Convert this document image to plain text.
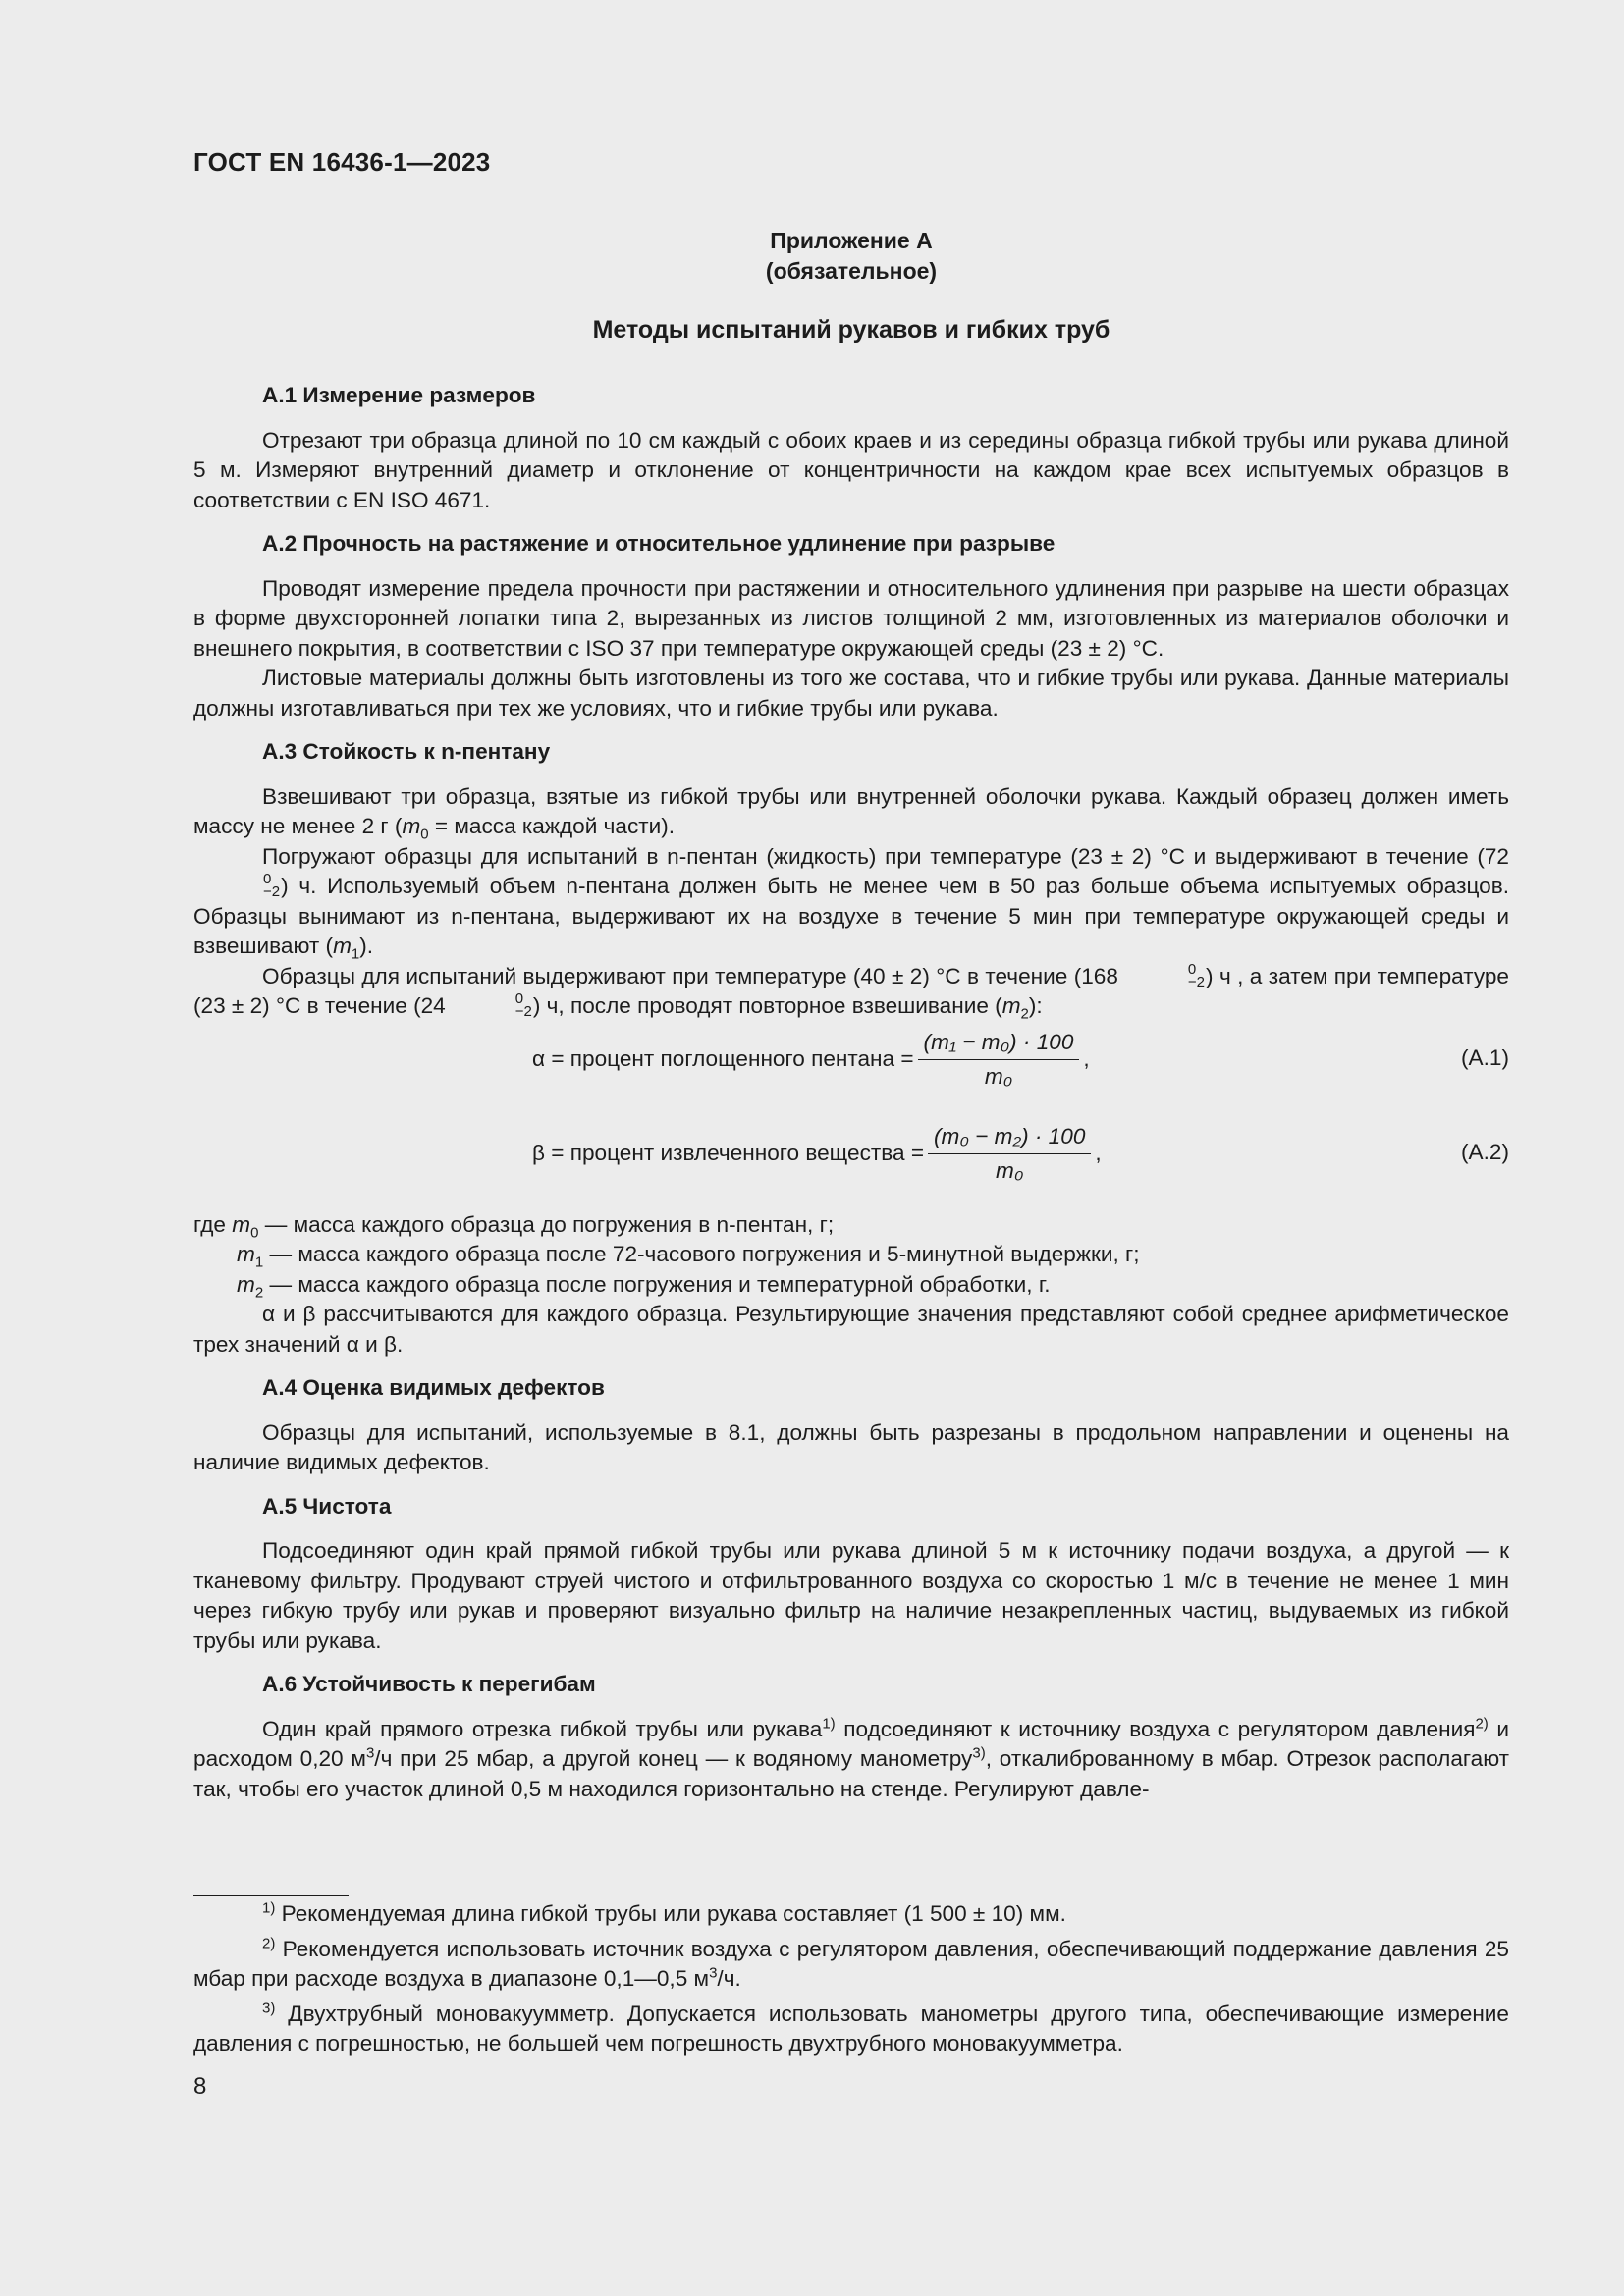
ГОСТ EN 16436-1—2023
Приложение А
(обязательное)
Методы испытаний рукавов и гибких труб
А.1 Измерение размеров

Отрезают три образца длиной по 10 см каждый с обоих краев и из середины образца гибкой трубы или рукава длиной 5 м. Измеряют внутренний диаметр и отклонение от концентричности на каждом крае всех испытуемых образцов в соответствии с EN ISO 4671.

А.2 Прочность на растяжение и относительное удлинение при разрыве

Проводят измерение предела прочности при растяжении и относительного удлинения при разрыве на шести образцах в форме двухсторонней лопатки типа 2, вырезанных из листов толщиной 2 мм, изготовленных из материалов оболочки и внешнего покрытия, в соответствии с ISO 37 при температуре окружающей среды (23 ± 2) °С.

Листовые материалы должны быть изготовлены из того же состава, что и гибкие трубы или рукава. Данные материалы должны изготавливаться при тех же условиях, что и гибкие трубы или рукава.

А.3 Стойкость к n-пентану

Взвешивают три образца, взятые из гибкой трубы или внутренней оболочки рукава. Каждый образец должен иметь массу не менее 2 г ($m_0$ = масса каждой части).

Погружают образцы для испытаний в n-пентан (жидкость) при температуре (23 ± 2) °С и выдерживают в течение (72
0
−2 ) ч. Используемый объем n-пентана должен быть не менее чем в 50 раз больше объема испытуемых образцов. Образцы вынимают из n-пентана, выдерживают их на воздухе в течение 5 мин при температуре окружающей среды и взвешивают $(m_1)$.

Образцы для испытаний выдерживают при температуре (40 ± 2) °С в течение (168	0
−2 ) ч , а затем при температуре (23 ± 2) °С в течение (24	0
−2 ) ч, после проводят повторное взвешивание $(m_2)$:

α = процент поглощенного пентана = $\frac{\text{(m₁ − m₀) · 100}}{\text{m₀}}$ ,	(А.1)
β = процент извлеченного вещества = $\frac{\text{(m₀ − m₂) · 100}}{\text{m₀}}$ ,	(А.2)

где $m_0$ — масса каждого образца до погружения в n-пентан, г;

$m_1$ — масса каждого образца после 72-часового погружения и 5-минутной выдержки, г;

$m_2$ — масса каждого образца после погружения и температурной обработки, г.

α и β рассчитываются для каждого образца. Результирующие значения представляют собой среднее арифметическое трех значений α и β.

А.4 Оценка видимых дефектов

Образцы для испытаний, используемые в 8.1, должны быть разрезаны в продольном направлении и оценены на наличие видимых дефектов.

А.5 Чистота

Подсоединяют один край прямой гибкой трубы или рукава длиной 5 м к источнику подачи воздуха, а другой — к тканевому фильтру. Продувают струей чистого и отфильтрованного воздуха со скоростью 1 м/с в течение не менее 1 мин через гибкую трубу или рукав и проверяют визуально фильтр на наличие незакрепленных частиц, выдуваемых из гибкой трубы или рукава.

А.6 Устойчивость к перегибам

Один край прямого отрезка гибкой трубы или рукава$^{1)}$ подсоединяют к источнику воздуха с регулятором давления$^{2)}$ и расходом 0,20 $м^3/ч$ при 25 мбар, а другой конец — к водяному манометру$^{3)}$, откалиброванному в мбар. Отрезок располагают так, чтобы его участок длиной 0,5 м находился горизонтально на стенде. Регулируют давле-

$^{1)}$ Рекомендуемая длина гибкой трубы или рукава составляет (1 500 ± 10) мм.

$^{2)}$ Рекомендуется использовать источник воздуха с регулятором давления, обеспечивающий поддержание давления 25 мбар при расходе воздуха в диапазоне 0,1—0,5 $м^3/ч$.

$^{3)}$ Двухтрубный моновакуумметр. Допускается использовать манометры другого типа, обеспечивающие измерение давления с погрешностью, не большей чем погрешность двухтрубного моновакуумметра.

8
